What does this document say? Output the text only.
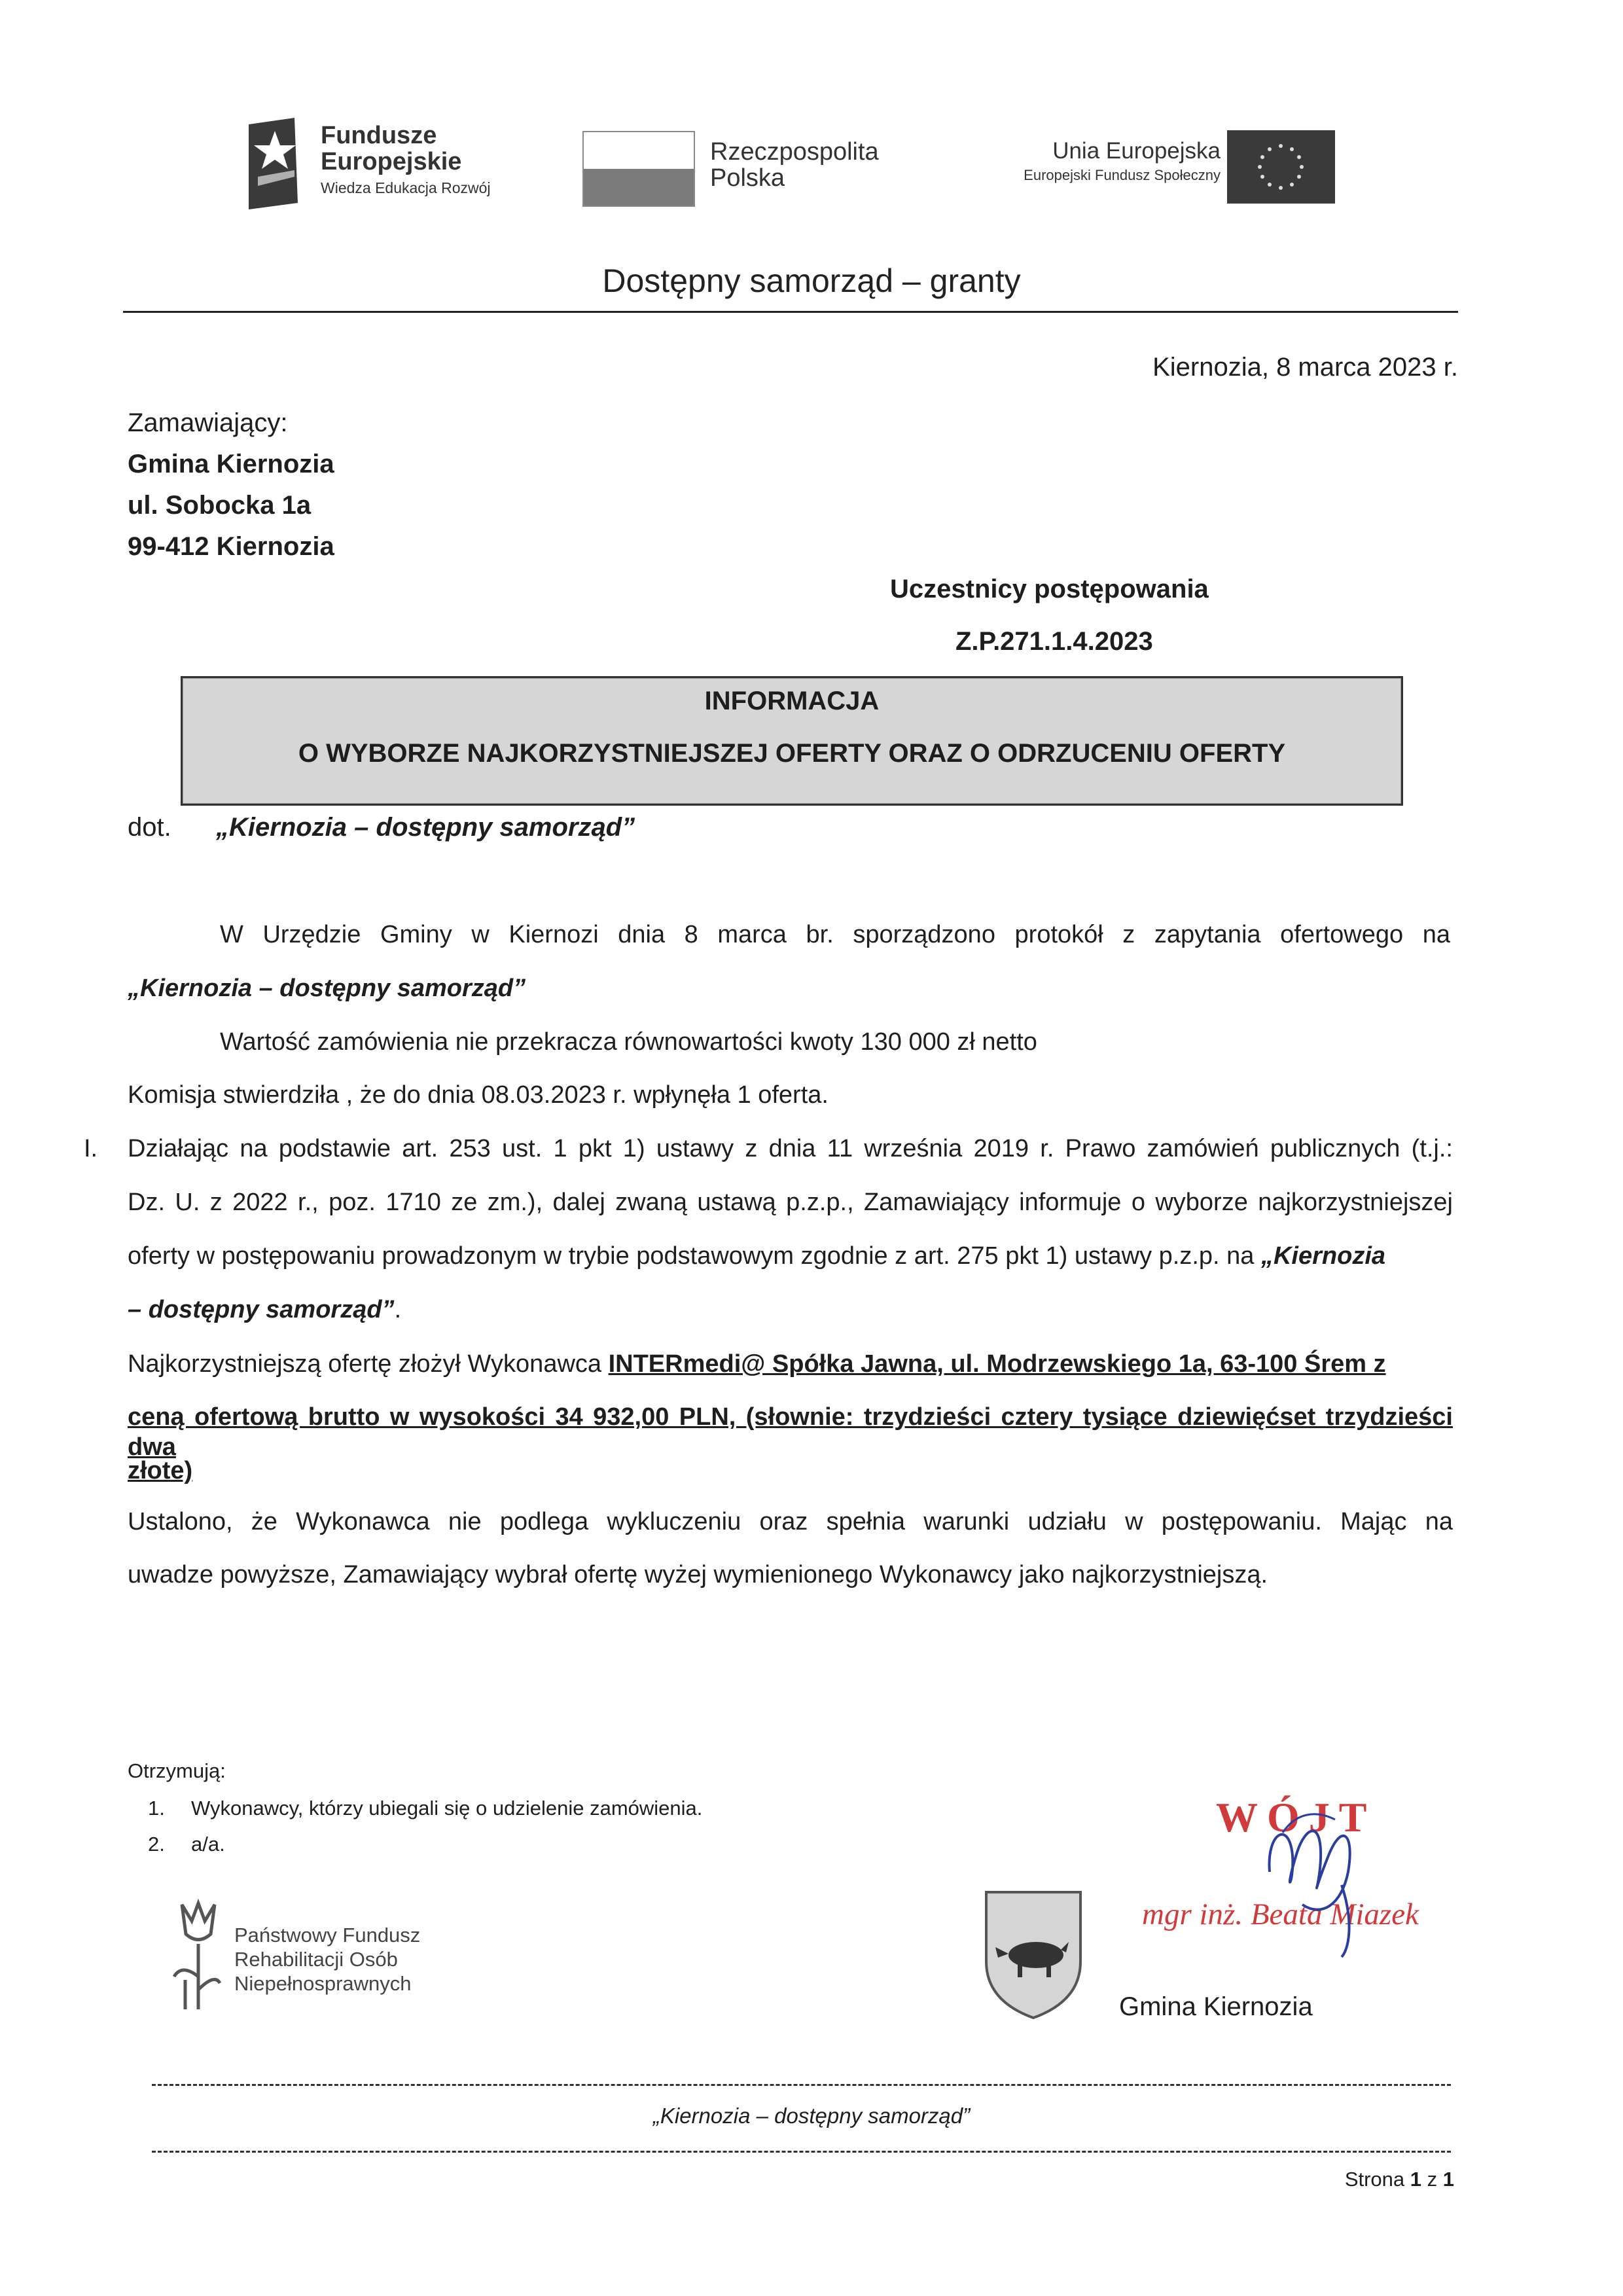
Fundusze
Europejskie
Wiedza Edukacja Rozwój
Rzeczpospolita
Polska
Unia Europejska
Europejski Fundusz Społeczny
Dostępny samorząd – granty
Kiernozia, 8 marca 2023 r.
Zamawiający:
Gmina Kiernozia
ul. Sobocka 1a
99-412 Kiernozia
Uczestnicy postępowania
Z.P.271.1.4.2023
INFORMACJA
O WYBORZE NAJKORZYSTNIEJSZEJ OFERTY ORAZ O ODRZUCENIU OFERTY
dot. „Kiernozia – dostępny samorząd”
W Urzędzie Gminy w Kiernozi dnia 8 marca br. sporządzono protokół z zapytania ofertowego na
„Kiernozia – dostępny samorząd”
Wartość zamówienia nie przekracza równowartości kwoty 130 000 zł netto
Komisja stwierdziła , że do dnia 08.03.2023 r. wpłynęła 1 oferta.
I. Działając na podstawie art. 253 ust. 1 pkt 1) ustawy z dnia 11 września 2019 r. Prawo zamówień publicznych (t.j.:
Dz. U. z 2022 r., poz. 1710 ze zm.), dalej zwaną ustawą p.z.p., Zamawiający informuje o wyborze najkorzystniejszej
oferty w postępowaniu prowadzonym w trybie podstawowym zgodnie z art. 275 pkt 1) ustawy p.z.p. na „Kiernozia
– dostępny samorząd”.
Najkorzystniejszą ofertę złożył Wykonawca INTERmedi@ Spółka Jawna, ul. Modrzewskiego 1a, 63-100 Śrem z
ceną ofertową brutto w wysokości 34 932,00 PLN, (słownie: trzydzieści cztery tysiące dziewięćset trzydzieści dwa
złote)
Ustalono, że Wykonawca nie podlega wykluczeniu oraz spełnia warunki udziału w postępowaniu. Mając na
uwadze powyższe, Zamawiający wybrał ofertę wyżej wymienionego Wykonawcy jako najkorzystniejszą.
Otrzymują:
1. Wykonawcy, którzy ubiegali się o udzielenie zamówienia.
2. a/a.
Państwowy Fundusz
Rehabilitacji Osób
Niepełnosprawnych
WÓJT
mgr inż. Beata Miazek
Gmina Kiernozia
„Kiernozia – dostępny samorząd”
Strona 1 z 1
